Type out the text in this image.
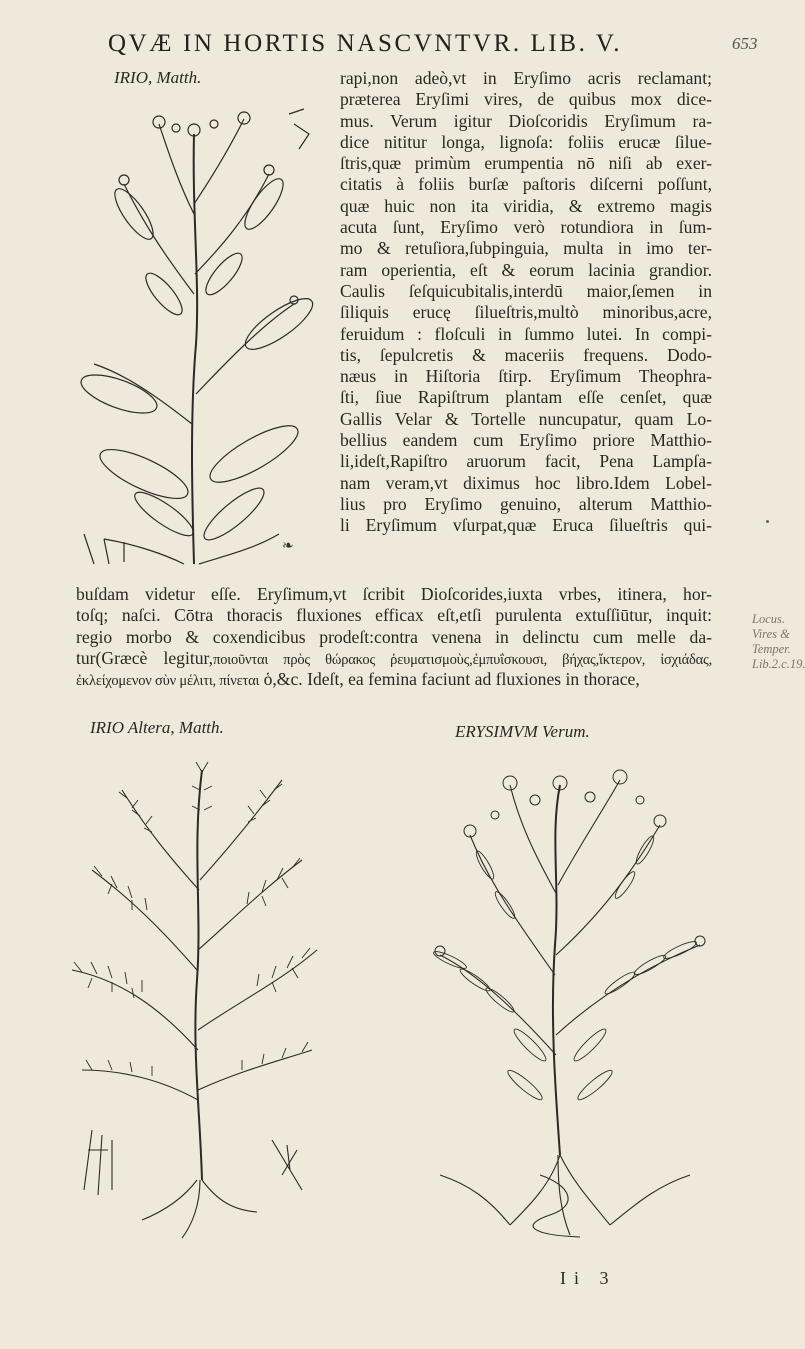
QVÆ IN HORTIS NASCVNTVR. LIB. V.	653
IRIO, Matth.
❧
rapi,non adeò,vt in Eryſimo acris reclamant;
præterea Eryſimi vires, de quibus mox dice-
mus. Verum igitur Dioſcoridis Eryſimum ra-
dice nititur longa, lignoſa: foliis erucæ ſilue-
ſtris,quæ primùm erumpentia nō niſi ab exer-
citatis à foliis burſæ paſtoris diſcerni poſſunt,
quæ huic non ita viridia, & extremo magis
acuta ſunt, Eryſimo verò rotundiora in ſum-
mo & retuſiora,ſubpinguia, multa in imo ter-
ram operientia, eſt & eorum lacinia grandior.
Caulis ſeſquicubitalis,interdū maior,ſemen in
ſiliquis erucę ſilueſtris,multò minoribus,acre,
feruidum : floſculi in ſummo lutei. In compi-
tis, ſepulcretis & maceriis frequens. Dodo-
næus in Hiſtoria ſtirp. Eryſimum Theophra-
ſti, ſiue Rapiſtrum plantam eſſe cenſet, quæ
Gallis Velar & Tortelle nuncupatur, quam Lo-
bellius eandem cum Eryſimo priore Matthio-
li,ideſt,Rapiſtro aruorum facit, Pena Lampſa-
nam veram,vt diximus hoc libro.Idem Lobel-
lius pro Eryſimo genuino, alterum Matthio-
li Eryſimum vſurpat,quæ Eruca ſilueſtris qui-
buſdam videtur eſſe. Eryſimum,vt ſcribit Dioſcorides,iuxta vrbes, itinera, hor-
toſq; naſci. Cōtra thoracis fluxiones efficax eſt,etſi purulenta extuſſiūtur, inquit:
regio morbo & coxendicibus prodeſt:contra venena in delinctu cum melle da-
tur(Græcè legitur,ποιοῦνται πρὸς θώρακος ῥευματισμοὺς,ἐμπυΐσκουσι, βήχας,ἴκτερον, ἰσχιάδας,
ἐκλείχομενον σὺν μέλιτι, πίνεται ὁ,&c. Ideſt, ea femina faciunt ad fluxiones in thorace,
Locus.
Vires &
Temper.
Lib.2.c.19.
IRIO Altera, Matth.	ERYSIMVM Verum.
Ii 3
